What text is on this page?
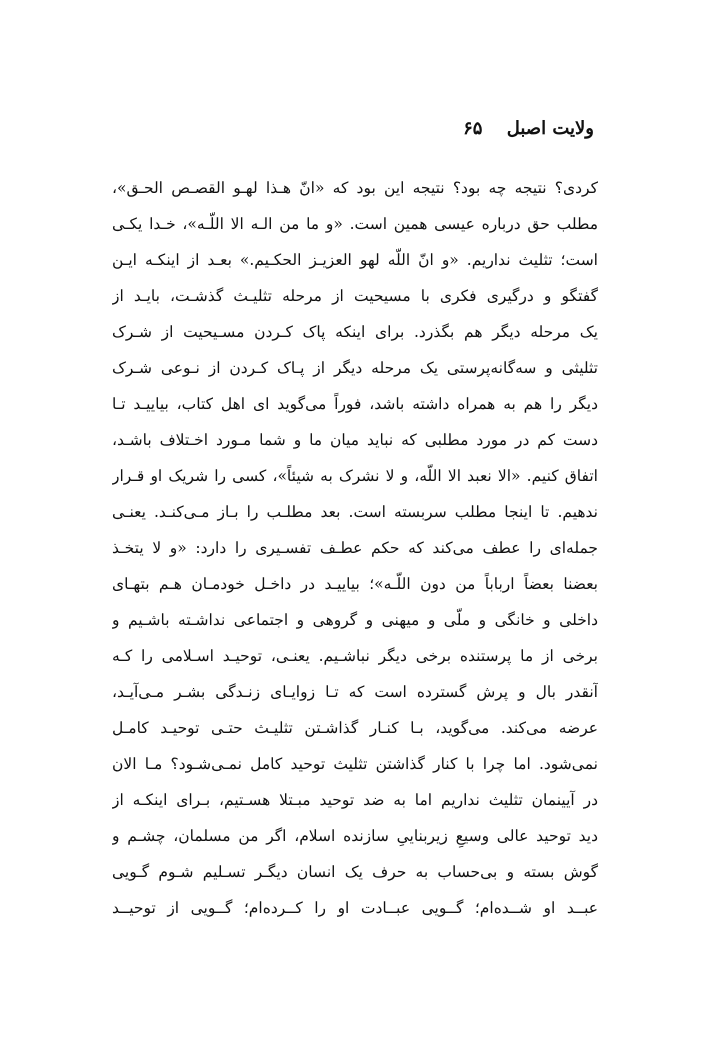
ولایت اصبل ۶۵
کردی؟ نتیجه چه بود؟ نتیجه این بود که «انّ هـذا لهـو القصـص الحـق»،
مطلب حق درباره عیسی همین است. «و ما من الـه الا اللّـه»، خـدا یکـی
است؛ تثلیث نداریم. «و انّ اللّه لهو العزیـز الحکـیم.» بعـد از اینکـه ایـن
گفتگو و درگیری فکری با مسیحیت از مرحله تثلیـث گذشـت، بایـد از
یک مرحله دیگر هم بگذرد. برای اینکه پاک کـردن مسـیحیت از شـرک
تثلیثی و سه‌گانه‌پرستی یک مرحله دیگر از پـاک کـردن از نـوعی شـرک
دیگر را هم به همراه داشته باشد، فوراً می‌گوید ای اهل کتاب، بیاییـد تـا
دست کم در مورد مطلبی که نباید میان ما و شما مـورد اخـتلاف باشـد،
اتفاق کنیم. «الا نعبد الا اللّه، و لا نشرک به شیئاً»، کسی را شریک او قـرار
ندهیم. تا اینجا مطلب سربسته است. بعد مطلـب را بـاز مـی‌کنـد. یعنـی
جمله‌ای را عطف می‌کند که حکم عطـف تفسـیری را دارد: «و لا یتخـذ
بعضنا بعضاً ارباباً من دون اللّـه»؛ بیاییـد در داخـل خودمـان هـم بتهـای
داخلی و خانگی و ملّی و میهنی و گروهی و اجتماعی نداشـته باشـیم و
برخی از ما پرستنده برخی دیگر نباشـیم. یعنـی، توحیـد اسـلامی را کـه
آنقدر بال و پرش گسترده است که تـا زوایـای زنـدگی بشـر مـی‌آیـد،
عرضه می‌کند. می‌گوید، بـا کنـار گذاشـتن تثلیـث حتـی توحیـد کامـل
نمی‌شود. اما چرا با کنار گذاشتن تثلیث توحید کامل نمـی‌شـود؟ مـا الان
در آیینمان تثلیث نداریم اما به ضد توحید مبـتلا هسـتیم، بـرای اینکـه از
دید توحید عالی وسیعِ زیربناییِ سازنده اسلام، اگر من مسلمان، چشـم و
گوش بسته و بی‌حساب به حرف یک انسان دیگـر تسـلیم شـوم گـویی
عبــد او شــده‌ام؛ گــویی عبــادت او را کــرده‌ام؛ گــویی از توحیــد
